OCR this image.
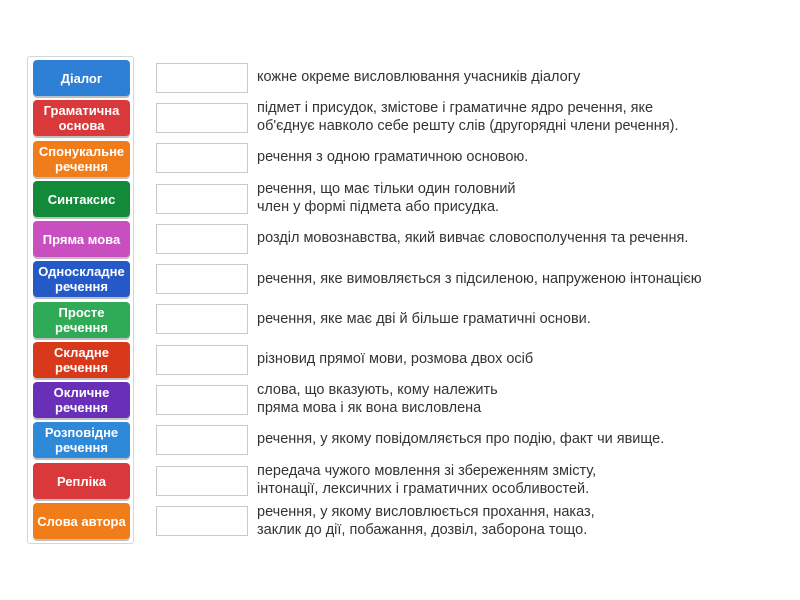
Діалог
Граматична основа
Спонукальне речення
Синтаксис
Пряма мова
Односкладне речення
Просте речення
Складне речення
Окличне речення
Розповідне речення
Репліка
Слова автора
кожне окреме висловлювання учасників діалогу
підмет і присудок, змістове і граматичне ядро речення, яке
об'єднує навколо себе решту слів (другорядні члени речення).
речення з одною граматичною основою.
речення, що має тільки один головний
член у формі підмета або присудка.
розділ мовознавства, який вивчає словосполучення та речення.
речення, яке вимовляється з підсиленою, напруженою інтонацією
речення, яке має дві й більше граматичні основи.
різновид прямої мови, розмова двох осіб
слова, що вказують, кому належить
пряма мова і як вона висловлена
речення, у якому повідомляється про подію, факт чи явище.
передача чужого мовлення зі збереженням змісту,
інтонації, лексичних і граматичних особливостей.
речення, у якому висловлюється прохання, наказ,
заклик до дії, побажання, дозвіл, заборона тощо.
